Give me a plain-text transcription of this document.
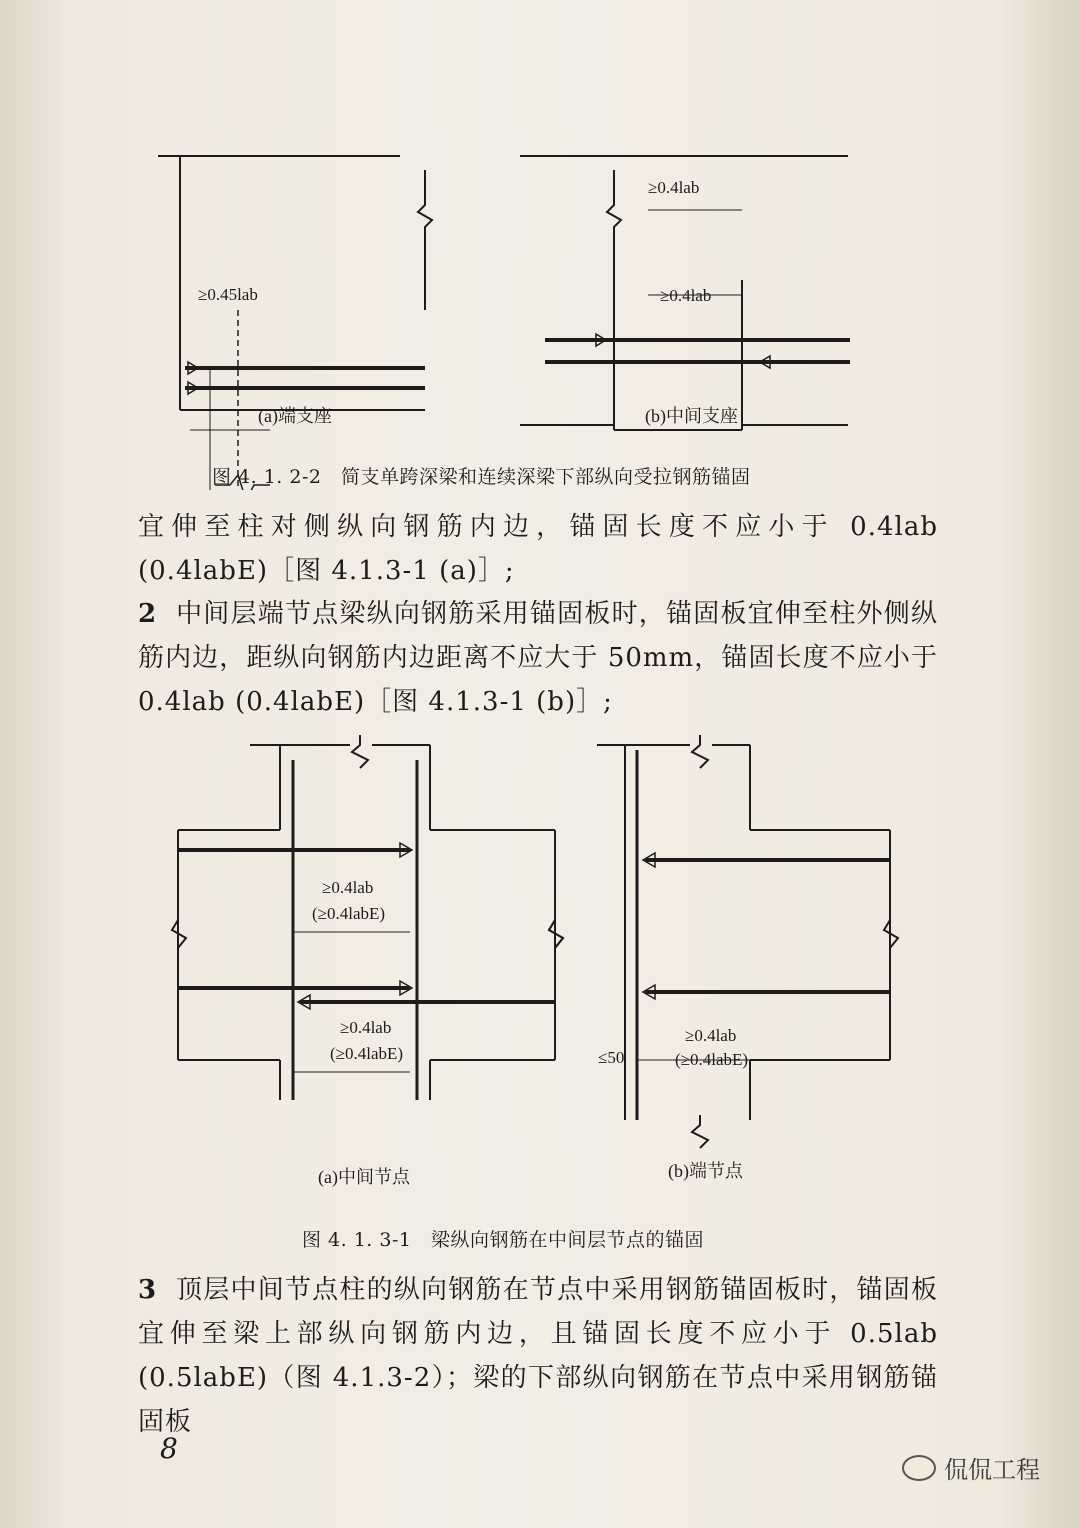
≥0.45lab
≥0.4lab
≥0.4lab
(a)端支座	(b)中间支座
图 4. 1. 2-2　简支单跨深梁和连续深梁下部纵向受拉钢筋锚固
宜伸至柱对侧纵向钢筋内边，锚固长度不应小于 0.4lab (0.4labE)［图 4.1.3-1 (a)］;
2 中间层端节点梁纵向钢筋采用锚固板时，锚固板宜伸至柱外侧纵筋内边，距纵向钢筋内边距离不应大于 50mm，锚固长度不应小于 0.4lab (0.4labE)［图 4.1.3-1 (b)］;
≥0.4lab
(≥0.4labE)
≥0.4lab
(≥0.4labE)
≥0.4lab
(≥0.4labE)
≤50
(a)中间节点	(b)端节点
图 4. 1. 3-1　梁纵向钢筋在中间层节点的锚固
3 顶层中间节点柱的纵向钢筋在节点中采用钢筋锚固板时，锚固板宜伸至梁上部纵向钢筋内边，且锚固长度不应小于 0.5lab (0.5labE)（图 4.1.3-2）；梁的下部纵向钢筋在节点中采用钢筋锚固板
8
侃侃工程
